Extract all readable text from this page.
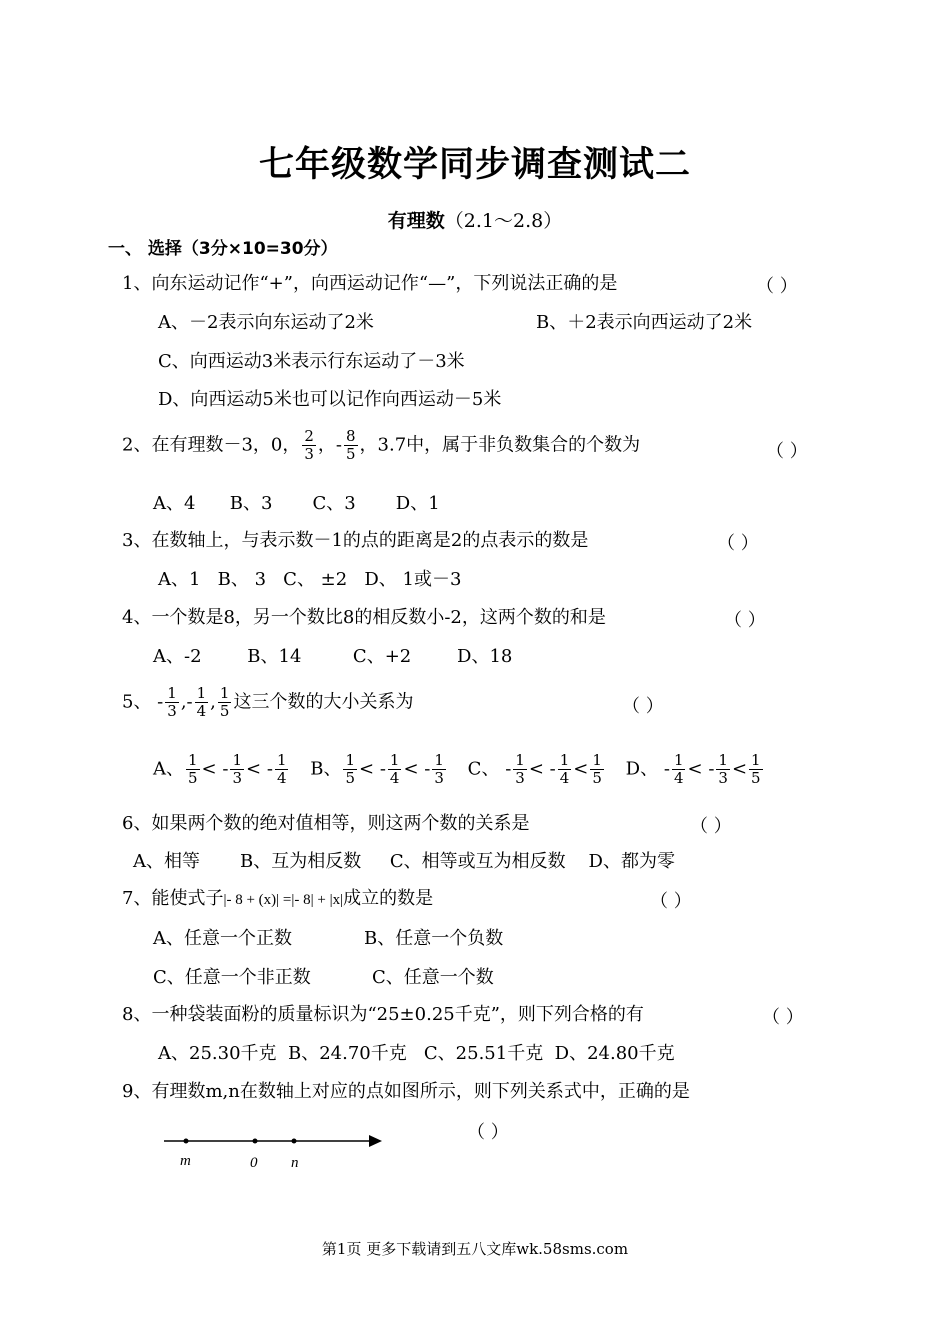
七年级数学同步调查测试二
有理数（2.1～2.8）
一、 选择（3分×10=30分）
1、向东运动记作“+”，向西运动记作“—”，下列说法正确的是	（ ）
A、－2表示向东运动了2米	B、＋2表示向西运动了2米
C、向西运动3米表示行东运动了－3米
D、向西运动5米也可以记作向西运动－5米
2、在有理数－3，0， $\frac{2}{3}$ ，- $\frac{8}{5}$ ，3.7中，属于非负数集合的个数为	（ ）
A、4      B、3       C、3       D、1
3、在数轴上，与表示数－1的点的距离是2的点表示的数是	（ ）
A、1   B、 3   C、 ±2   D、 1或－3
4、一个数是8，另一个数比8的相反数小-2，这两个数的和是	（ ）
A、-2        B、14         C、+2        D、18
5、 - $\frac{1}{3}$ ,- $\frac{1}{4}$ , $\frac{1}{5}$ 这三个数的大小关系为	（ ）
A、 $\frac{1}{5}$ < - $\frac{1}{3}$ < - $\frac{1}{4}$ B、 $\frac{1}{5}$ < - $\frac{1}{4}$ < - $\frac{1}{3}$ C、 - $\frac{1}{3}$ < - $\frac{1}{4} < \frac{1}{5}$ D、 - $\frac{1}{4}$ < - $\frac{1}{3} < \frac{1}{5}$
6、如果两个数的绝对值相等，则这两个数的关系是	（ ）
A、相等       B、互为相反数     C、相等或互为相反数    D、都为零
7、能使式子|- 8 + (x)| =|- 8| + |x|成立的数是	（ ）
A、任意一个正数	B、任意一个负数
C、任意一个非正数	C、任意一个数
8、一种袋装面粉的质量标识为“25±0.25千克”，则下列合格的有	（ ）
A、25.30千克  B、24.70千克   C、25.51千克  D、24.80千克
9、有理数m,n在数轴上对应的点如图所示，则下列关系式中，正确的是
（ ）
m	0 n
第1页 更多下载请到五八文库wk.58sms.com
